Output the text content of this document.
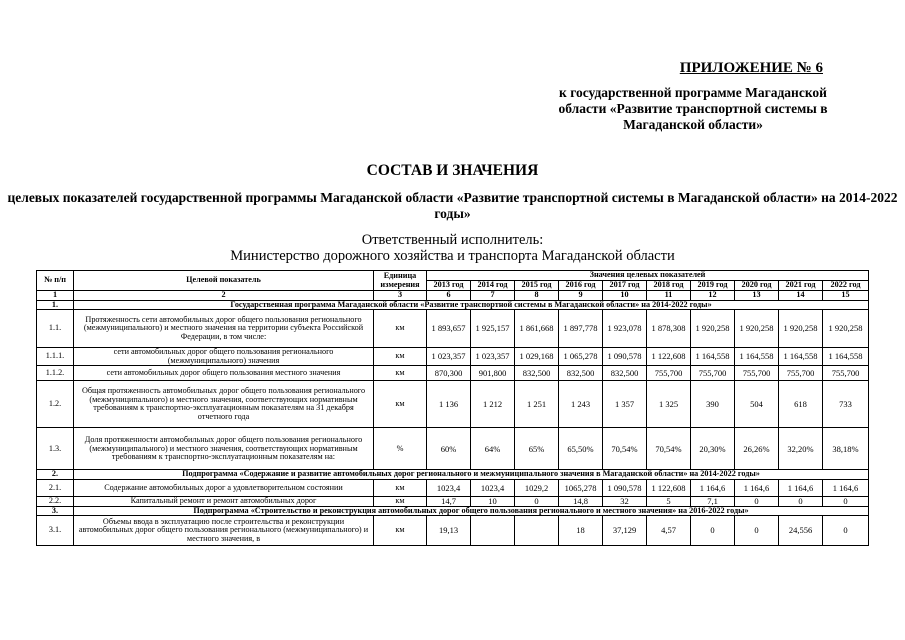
ПРИЛОЖЕНИЕ № 6
к государственной программе Магаданской области «Развитие транспортной системы в Магаданской области»
СОСТАВ И ЗНАЧЕНИЯ
целевых показателей государственной программы Магаданской области «Развитие транспортной системы в Магаданской области» на 2014-2022 годы»
Ответственный исполнитель:
Министерство дорожного хозяйства и транспорта Магаданской области
№ п/п	Целевой показатель	Единица измерения	Значения целевых показателей									
			2013 год	2014 год	2015 год	2016 год	2017 год	2018 год	2019 год	2020 год	2021 год	2022 год
1	2	3	6	7	8	9	10	11	12	13	14	15
1.	Государственная программа Магаданской области «Развитие транспортной системы в Магаданской области» на 2014-2022 годы»											
1.1.	Протяженность сети автомобильных дорог общего пользования регионального (межмуниципального) и местного значения на территории субъекта Российской Федерации, в том числе:	км	1 893,657	1 925,157	1 861,668	1 897,778	1 923,078	1 878,308	1 920,258	1 920,258	1 920,258	1 920,258
1.1.1.	сети автомобильных дорог общего пользования регионального (межмуниципального) значения	км	1 023,357	1 023,357	1 029,168	1 065,278	1 090,578	1 122,608	1 164,558	1 164,558	1 164,558	1 164,558
1.1.2.	сети автомобильных дорог общего пользования местного значения	км	870,300	901,800	832,500	832,500	832,500	755,700	755,700	755,700	755,700	755,700
1.2.	Общая протяженность автомобильных дорог общего пользования регионального (межмуниципального) и местного значения, соответствующих нормативным требованиям к транспортно-эксплуатационным показателям на 31 декабря отчетного года	км	1 136	1 212	1 251	1 243	1 357	1 325	390	504	618	733
1.3.	Доля протяженности автомобильных дорог общего пользования регионального (межмуниципального) и местного значения, соответствующих нормативным требованиям к транспортно-эксплуатационным показателям на:	%	60%	64%	65%	65,50%	70,54%	70,54%	20,30%	26,26%	32,20%	38,18%
2.	Подпрограмма «Содержание и развитие автомобильных дорог регионального и межмуниципального значения в Магаданской области» на 2014-2022 годы»											
2.1.	Содержание автомобильных дорог а удовлетворительном состоянии	км	1023,4	1023,4	1029,2	1065,278	1 090,578	1 122,608	1 164,6	1 164,6	1 164,6	1 164,6
2.2.	Капитальный ремонт и ремонт автомобильных дорог	км	14,7	10	0	14,8	32	5	7,1	0	0	0
3.	Подпрограмма «Строительство и реконструкция автомобильных дорог общего пользования регионального и местного значения» на 2016-2022 годы»											
3.1.	Объемы ввода в эксплуатацию после строительства и реконструкции автомобильных дорог общего пользования регионального (межмуниципального) и местного значения, в	км	19,13			18	37,129	4,57	0	0	24,556	0
